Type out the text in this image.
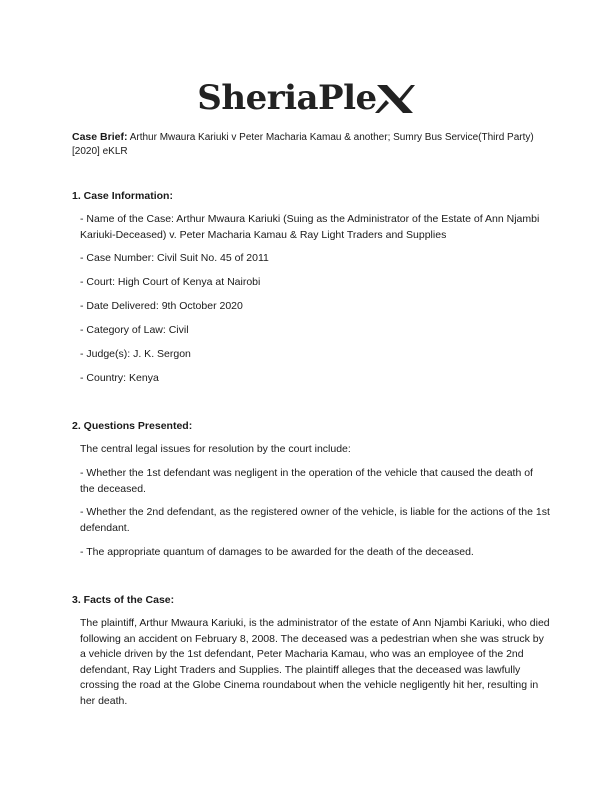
SheriaPle
Case Brief: Arthur Mwaura Kariuki v Peter Macharia Kamau & another; Sumry Bus Service(Third Party) [2020] eKLR
1. Case Information:
- Name of the Case: Arthur Mwaura Kariuki (Suing as the Administrator of the Estate of Ann Njambi Kariuki-Deceased) v. Peter Macharia Kamau & Ray Light Traders and Supplies
- Case Number: Civil Suit No. 45 of 2011
- Court: High Court of Kenya at Nairobi
- Date Delivered: 9th October 2020
- Category of Law: Civil
- Judge(s): J. K. Sergon
- Country: Kenya
2. Questions Presented:
The central legal issues for resolution by the court include:
- Whether the 1st defendant was negligent in the operation of the vehicle that caused the death of the deceased.
- Whether the 2nd defendant, as the registered owner of the vehicle, is liable for the actions of the 1st defendant.
- The appropriate quantum of damages to be awarded for the death of the deceased.
3. Facts of the Case:
The plaintiff, Arthur Mwaura Kariuki, is the administrator of the estate of Ann Njambi Kariuki, who died following an accident on February 8, 2008. The deceased was a pedestrian when she was struck by a vehicle driven by the 1st defendant, Peter Macharia Kamau, who was an employee of the 2nd defendant, Ray Light Traders and Supplies. The plaintiff alleges that the deceased was lawfully crossing the road at the Globe Cinema roundabout when the vehicle negligently hit her, resulting in her death.
